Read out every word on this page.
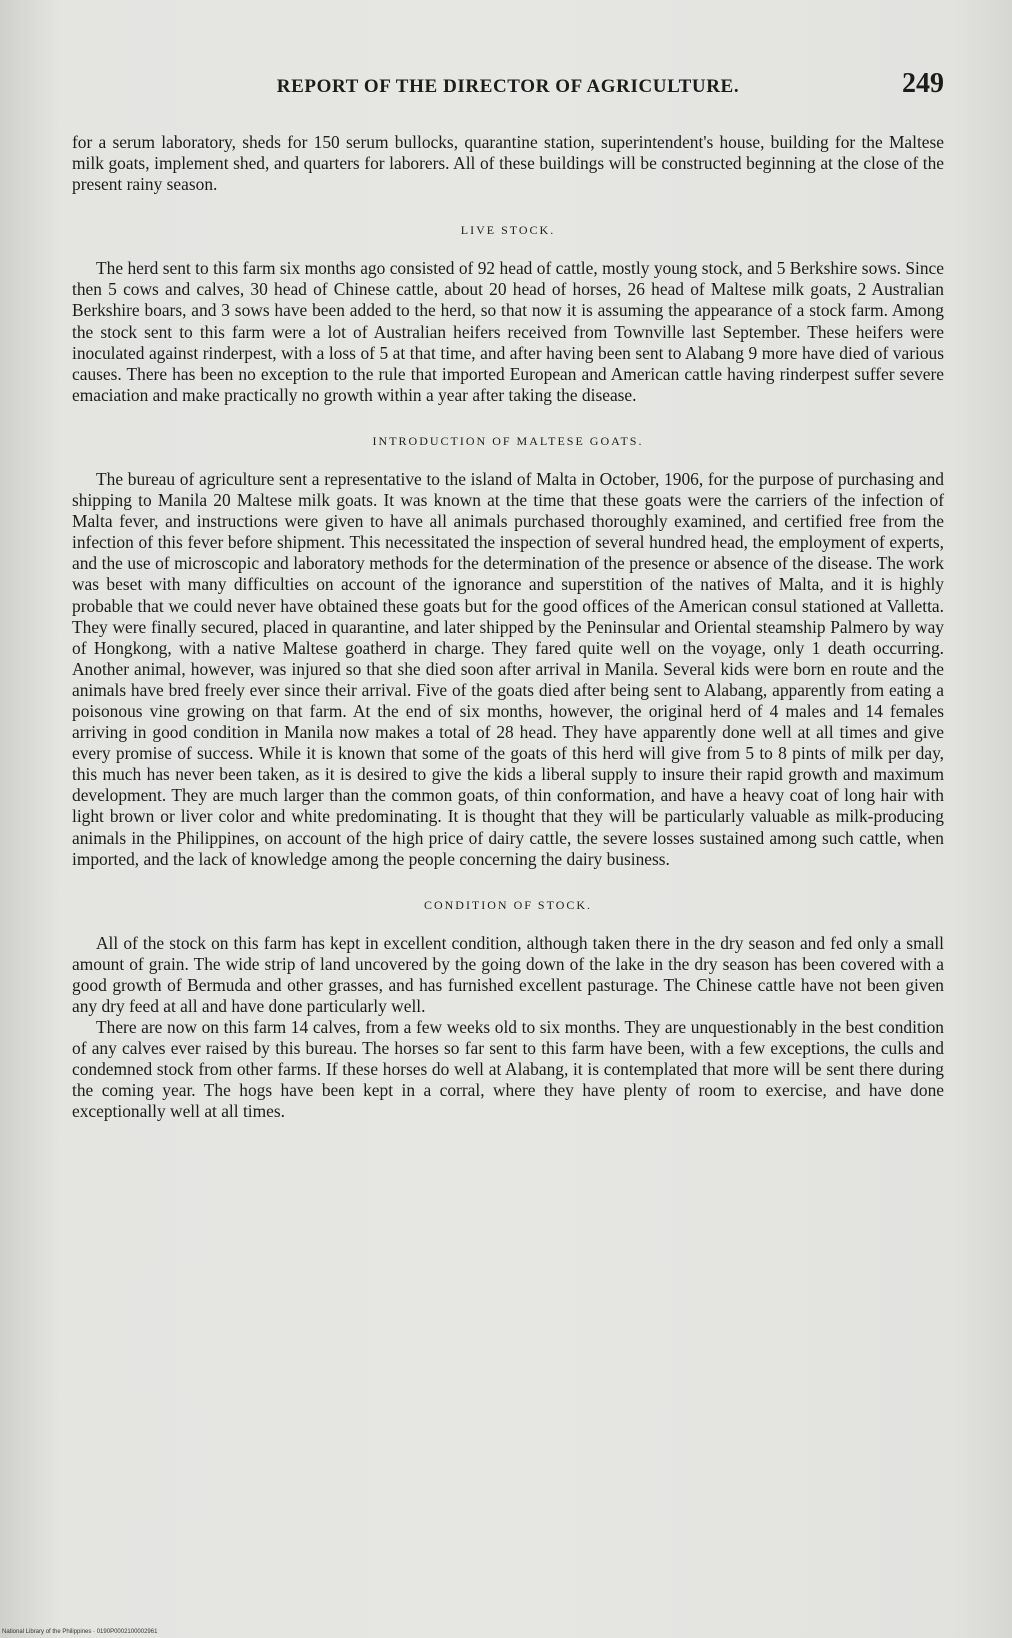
REPORT OF THE DIRECTOR OF AGRICULTURE.	249

for a serum laboratory, sheds for 150 serum bullocks, quarantine station, superintendent's house, building for the Maltese milk goats, implement shed, and quarters for laborers. All of these buildings will be constructed beginning at the close of the present rainy season.

LIVE STOCK.

The herd sent to this farm six months ago consisted of 92 head of cattle, mostly young stock, and 5 Berkshire sows. Since then 5 cows and calves, 30 head of Chinese cattle, about 20 head of horses, 26 head of Maltese milk goats, 2 Australian Berkshire boars, and 3 sows have been added to the herd, so that now it is assuming the appearance of a stock farm. Among the stock sent to this farm were a lot of Australian heifers received from Townville last September. These heifers were inoculated against rinderpest, with a loss of 5 at that time, and after having been sent to Alabang 9 more have died of various causes. There has been no exception to the rule that imported European and American cattle having rinderpest suffer severe emaciation and make practically no growth within a year after taking the disease.

INTRODUCTION OF MALTESE GOATS.

The bureau of agriculture sent a representative to the island of Malta in October, 1906, for the purpose of purchasing and shipping to Manila 20 Maltese milk goats. It was known at the time that these goats were the carriers of the infection of Malta fever, and instructions were given to have all animals purchased thoroughly examined, and certified free from the infection of this fever before shipment. This necessitated the inspection of several hundred head, the employment of experts, and the use of microscopic and laboratory methods for the determination of the presence or absence of the disease. The work was beset with many difficulties on account of the ignorance and superstition of the natives of Malta, and it is highly probable that we could never have obtained these goats but for the good offices of the American consul stationed at Valletta. They were finally secured, placed in quarantine, and later shipped by the Peninsular and Oriental steamship Palmero by way of Hongkong, with a native Maltese goatherd in charge. They fared quite well on the voyage, only 1 death occurring. Another animal, however, was injured so that she died soon after arrival in Manila. Several kids were born en route and the animals have bred freely ever since their arrival. Five of the goats died after being sent to Alabang, apparently from eating a poisonous vine growing on that farm. At the end of six months, however, the original herd of 4 males and 14 females arriving in good condition in Manila now makes a total of 28 head. They have apparently done well at all times and give every promise of success. While it is known that some of the goats of this herd will give from 5 to 8 pints of milk per day, this much has never been taken, as it is desired to give the kids a liberal supply to insure their rapid growth and maximum development. They are much larger than the common goats, of thin conformation, and have a heavy coat of long hair with light brown or liver color and white predominating. It is thought that they will be particularly valuable as milk-producing animals in the Philippines, on account of the high price of dairy cattle, the severe losses sustained among such cattle, when imported, and the lack of knowledge among the people concerning the dairy business.

CONDITION OF STOCK.

All of the stock on this farm has kept in excellent condition, although taken there in the dry season and fed only a small amount of grain. The wide strip of land uncovered by the going down of the lake in the dry season has been covered with a good growth of Bermuda and other grasses, and has furnished excellent pasturage. The Chinese cattle have not been given any dry feed at all and have done particularly well.

There are now on this farm 14 calves, from a few weeks old to six months. They are unquestionably in the best condition of any calves ever raised by this bureau. The horses so far sent to this farm have been, with a few exceptions, the culls and condemned stock from other farms. If these horses do well at Alabang, it is contemplated that more will be sent there during the coming year. The hogs have been kept in a corral, where they have plenty of room to exercise, and have done exceptionally well at all times.

National Library of the Philippines · 0190P0002100002961
